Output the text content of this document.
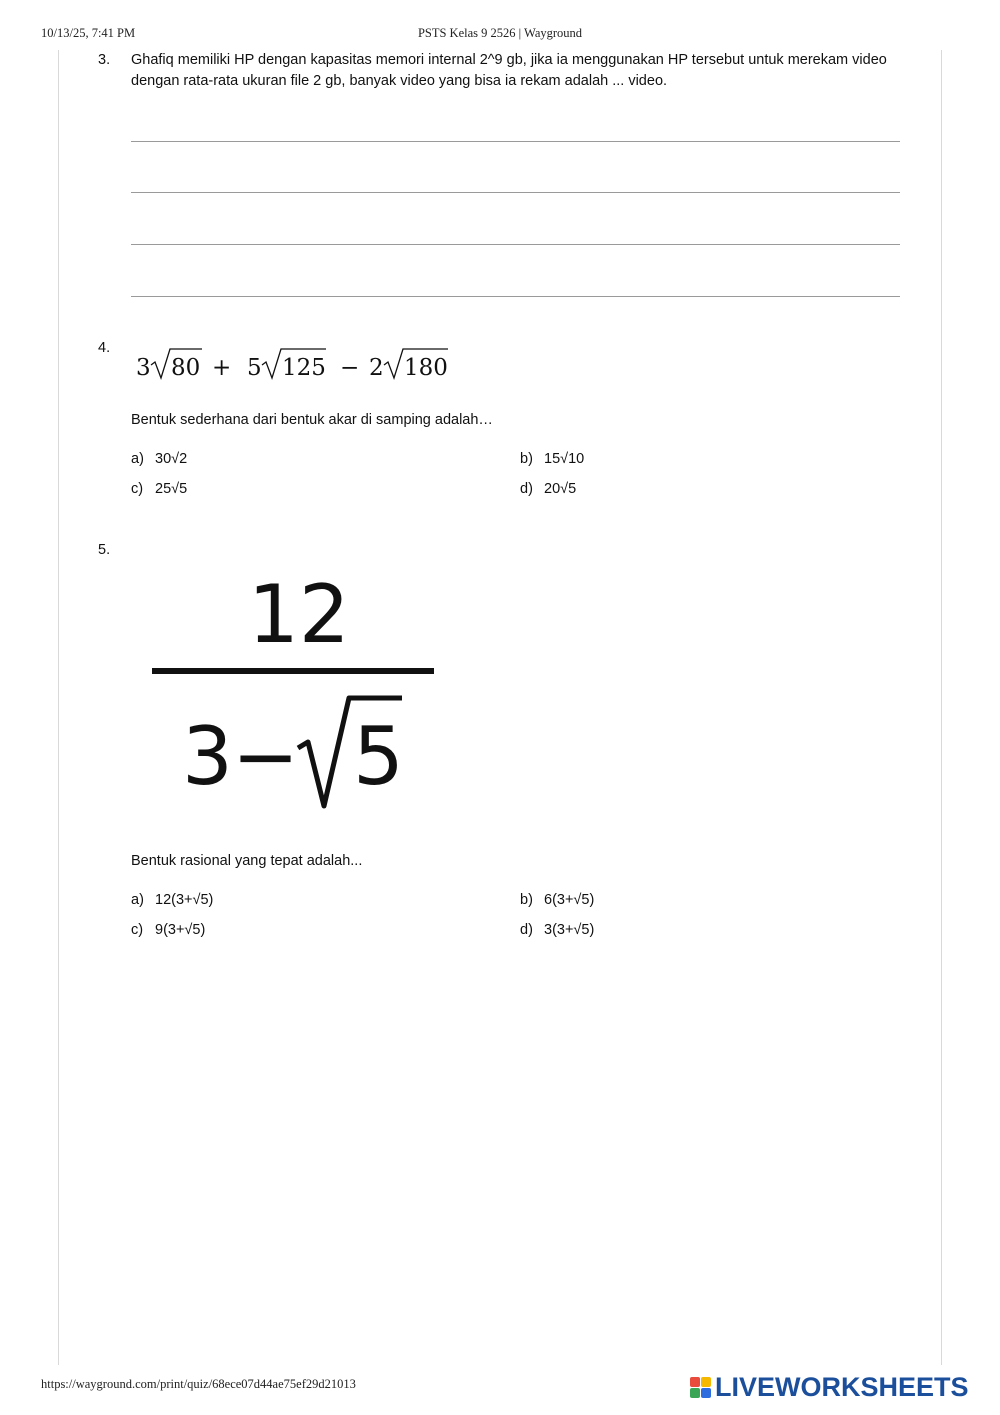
10/13/25, 7:41 PM	PSTS Kelas 9 2526 | Wayground
3. Ghafiq memiliki HP dengan kapasitas memori internal 2^9 gb, jika ia menggunakan HP tersebut untuk merekam video dengan rata-rata ukuran file 2 gb, banyak video yang bisa ia rekam adalah ... video.
4.
3 80 + 5 125 − 2 180
Bentuk sederhana dari bentuk akar di samping adalah…
a) 30√2	b) 15√10
c) 25√5	d) 20√5
5.
12
3 − 5
Bentuk rasional yang tepat adalah...
a) 12(3+√5)	b) 6(3+√5)
c) 9(3+√5)	d) 3(3+√5)
https://wayground.com/print/quiz/68ece07d44ae75ef29d21013	LIVEWORKSHEETS
